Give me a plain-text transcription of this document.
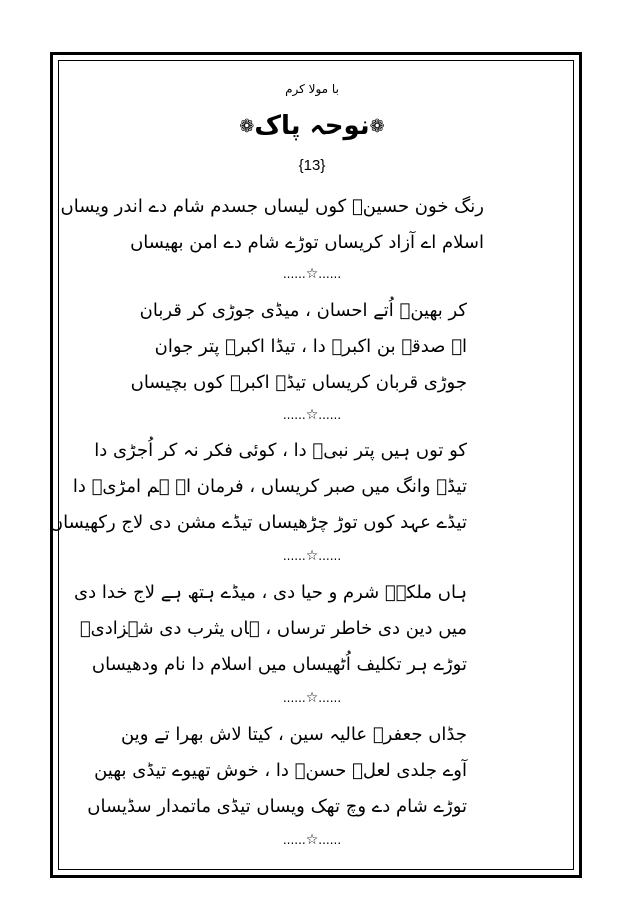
با مولا کرم
❁نوحہ پاک❁
{13}
رنگ خون حسینؑ کوں لیساں جسدم شام دے اندر ویساں
اسلام اے آزاد کریساں توڑے شام دے امن بھیساں
......☆......
کر بھینؑ اُتے احسان ، میڈی جوڑی کر قربان
اے صدقہ بن اکبرؑ دا ، تیڈا اکبرؑ پتر جوان
جوڑی قربان کریساں تیڈے اکبرؑ کوں بچیساں
......☆......
کو توں ہیں پتر نبیؐ دا ، کوئی فکر نہ کر اُجڑی دا
تیڈے وانگ میں صبر کریساں ، فرمان اے ہم امڑیؑ دا
تیڈے عہد کوں توڑ چڑھیساں تیڈے مشن دی لاج رکھیساں
......☆......
ہاں ملکہؑ شرم و حیا دی ، میڈے ہتھ ہے لاج خدا دی
میں دین دی خاطر ترساں ، ہاں یثرب دی شہزادیؑ
توڑے ہر تکلیف اُٹھیساں میں اسلام دا نام ودھیساں
......☆......
جڈاں جعفرؑ عالیہ سین ، کیتا لاش بھرا تے وین
آوے جلدی لعلؑ حسنؑ دا ، خوش تھیوے تیڈی بھین
توڑے شام دے وچ تھک ویساں تیڈی ماتمدار سڈیساں
......☆......
